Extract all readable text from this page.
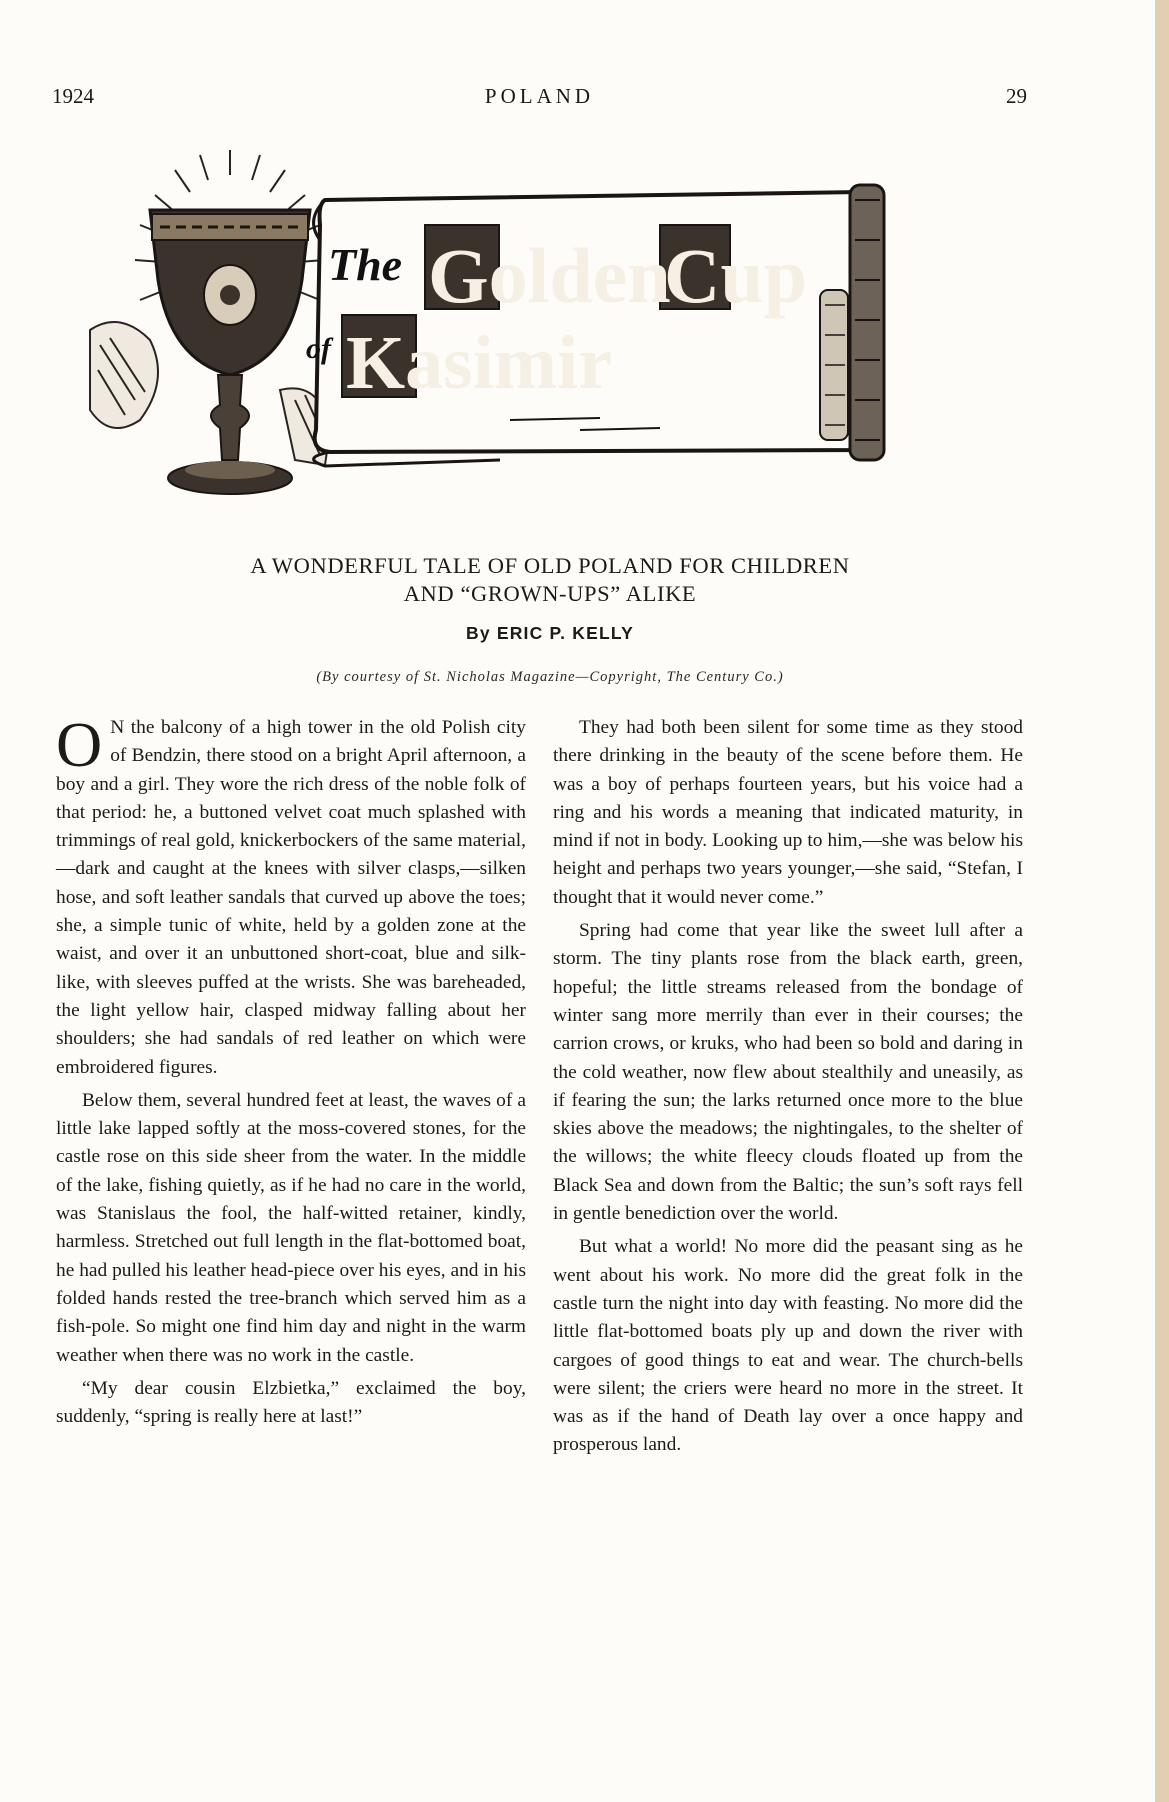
1924	POLAND	29
The Golden
Cup
of Kasimir
A WONDERFUL TALE OF OLD POLAND FOR CHILDREN
AND “GROWN-UPS” ALIKE
By ERIC P. KELLY
(By courtesy of St. Nicholas Magazine—Copyright, The Century Co.)

O N the balcony of a high tower in the old Polish city of Bendzin, there stood on a bright April afternoon, a boy and a girl. They wore the rich dress of the noble folk of that period: he, a buttoned velvet coat much splashed with trimmings of real gold, knickerbockers of the same material,—dark and caught at the knees with silver clasps,—silken hose, and soft leather sandals that curved up above the toes; she, a simple tunic of white, held by a golden zone at the waist, and over it an unbuttoned short-coat, blue and silk-like, with sleeves puffed at the wrists. She was bareheaded, the light yellow hair, clasped midway falling about her shoulders; she had sandals of red leather on which were embroidered figures.

Below them, several hundred feet at least, the waves of a little lake lapped softly at the moss-covered stones, for the castle rose on this side sheer from the water. In the middle of the lake, fishing quietly, as if he had no care in the world, was Stanislaus the fool, the half-witted retainer, kindly, harmless. Stretched out full length in the flat-bottomed boat, he had pulled his leather head-piece over his eyes, and in his folded hands rested the tree-branch which served him as a fish-pole. So might one find him day and night in the warm weather when there was no work in the castle.

“My dear cousin Elzbietka,” exclaimed the boy, suddenly, “spring is really here at last!”

They had both been silent for some time as they stood there drinking in the beauty of the scene before them. He was a boy of perhaps fourteen years, but his voice had a ring and his words a meaning that indicated maturity, in mind if not in body. Looking up to him,—she was below his height and perhaps two years younger,—she said, “Stefan, I thought that it would never come.”

Spring had come that year like the sweet lull after a storm. The tiny plants rose from the black earth, green, hopeful; the little streams released from the bondage of winter sang more merrily than ever in their courses; the carrion crows, or kruks, who had been so bold and daring in the cold weather, now flew about stealthily and uneasily, as if fearing the sun; the larks returned once more to the blue skies above the meadows; the nightingales, to the shelter of the willows; the white fleecy clouds floated up from the Black Sea and down from the Baltic; the sun’s soft rays fell in gentle benediction over the world.

But what a world! No more did the peasant sing as he went about his work. No more did the great folk in the castle turn the night into day with feasting. No more did the little flat-bottomed boats ply up and down the river with cargoes of good things to eat and wear. The church-bells were silent; the criers were heard no more in the street. It was as if the hand of Death lay over a once happy and prosperous land.
